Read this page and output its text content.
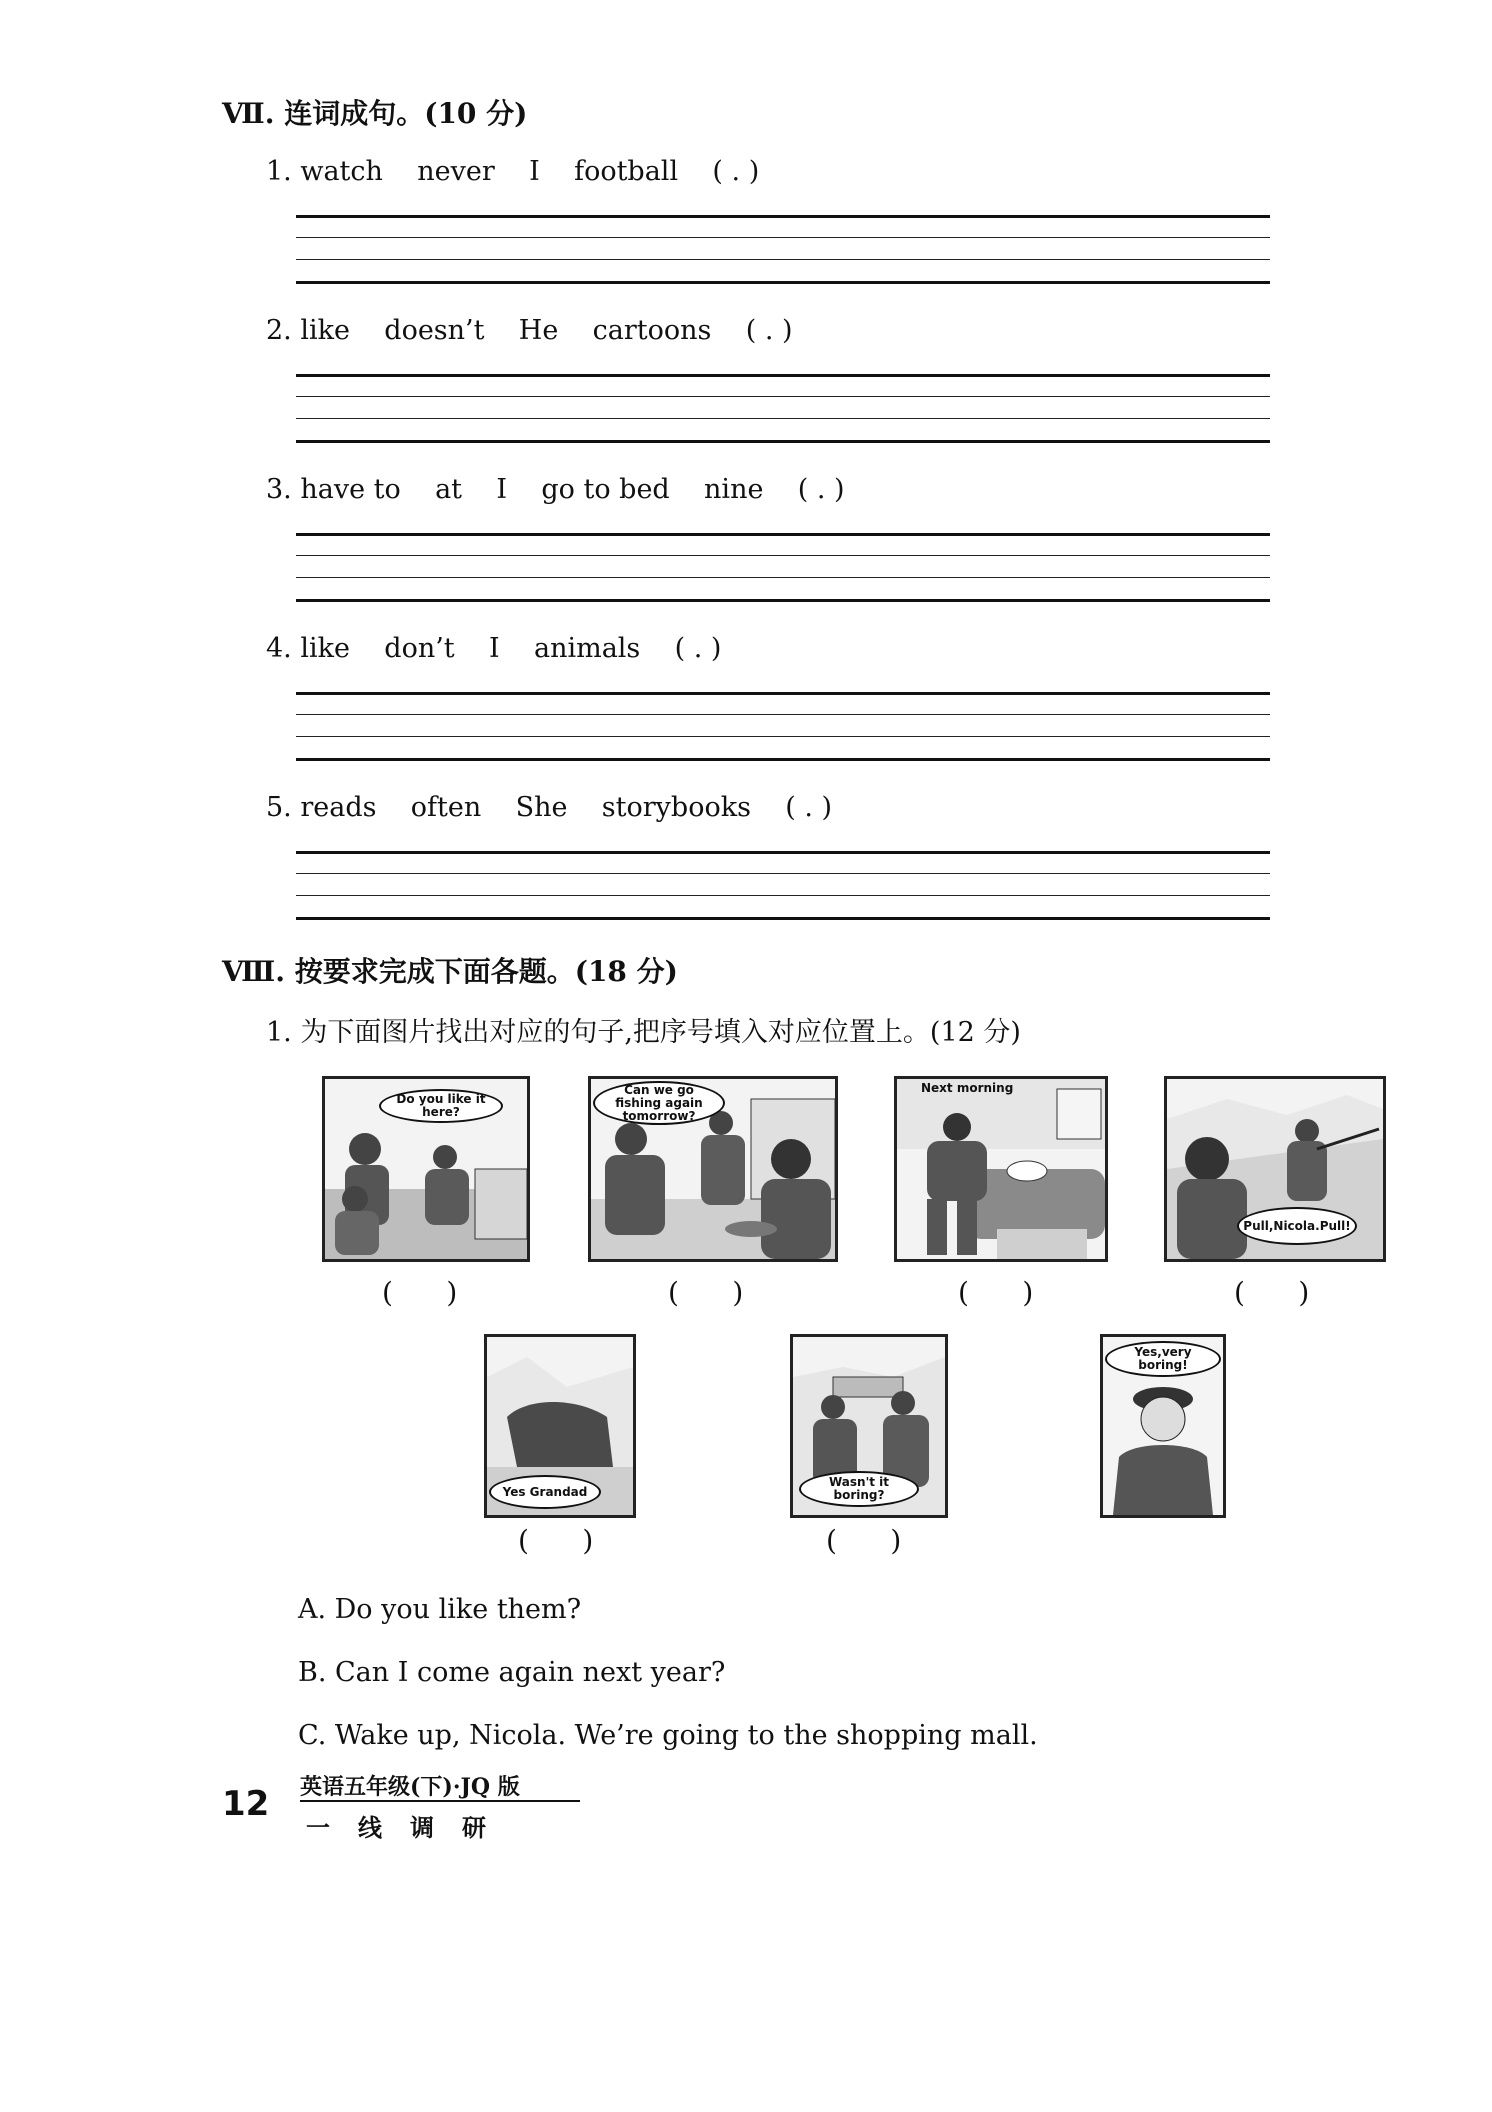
Ⅶ. 连词成句。(10 分)
1. watch    never    I    football    ( . )
2. like    doesn’t    He    cartoons    ( . )
3. have to    at    I    go to bed    nine    ( . )
4. like    don’t    I    animals    ( . )
5. reads    often    She    storybooks    ( . )
Ⅷ. 按要求完成下面各题。(18 分)
1. 为下面图片找出对应的句子,把序号填入对应位置上。(12 分)
Do you like it here?
Can we go fishing again tomorrow?
Next morning
Pull,Nicola.Pull!
(      )	(      )	(      )	(      )
Yes Grandad
Wasn't it boring?
Yes,very boring!
(      )	(      )
A. Do you like them?
B. Can I come again next year?
C. Wake up, Nicola. We’re going to the shopping mall.
12 英语五年级(下)·JQ 版
一线调研
